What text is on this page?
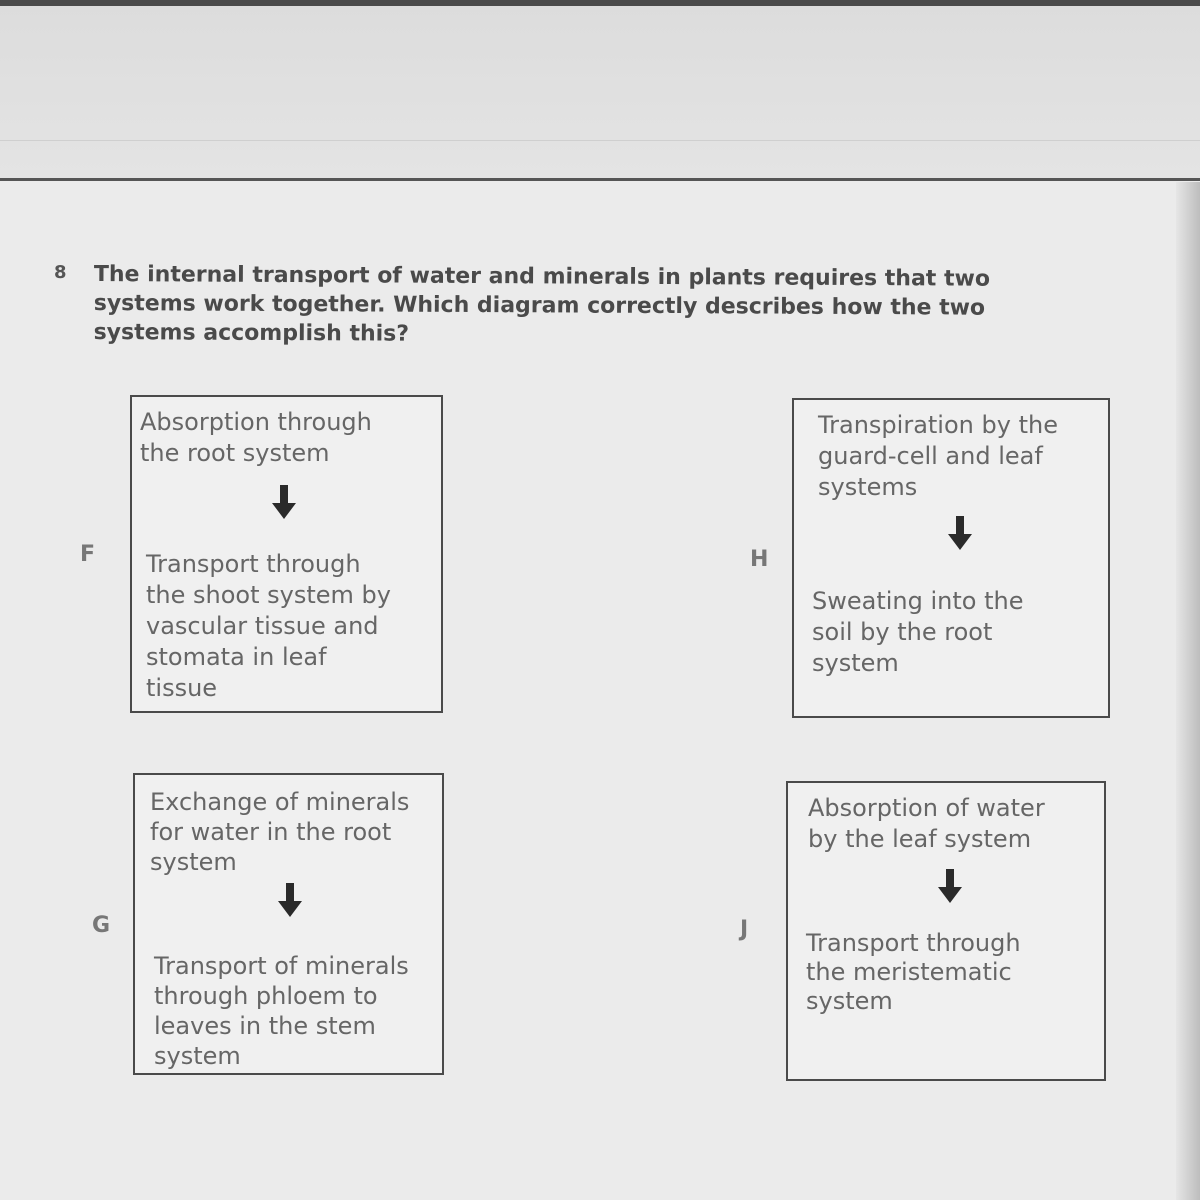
8 The internal transport of water and minerals in plants requires that two systems work together. Which diagram correctly describes how the two systems accomplish this?
F
Absorption through
the root system
Transport through
the shoot system by
vascular tissue and
stomata in leaf
tissue
H
Transpiration by the
guard-cell and leaf
systems
Sweating into the
soil by the root
system
G
Exchange of minerals
for water in the root
system
Transport of minerals
through phloem to
leaves in the stem
system
J
Absorption of water
by the leaf system
Transport through
the meristematic
system
